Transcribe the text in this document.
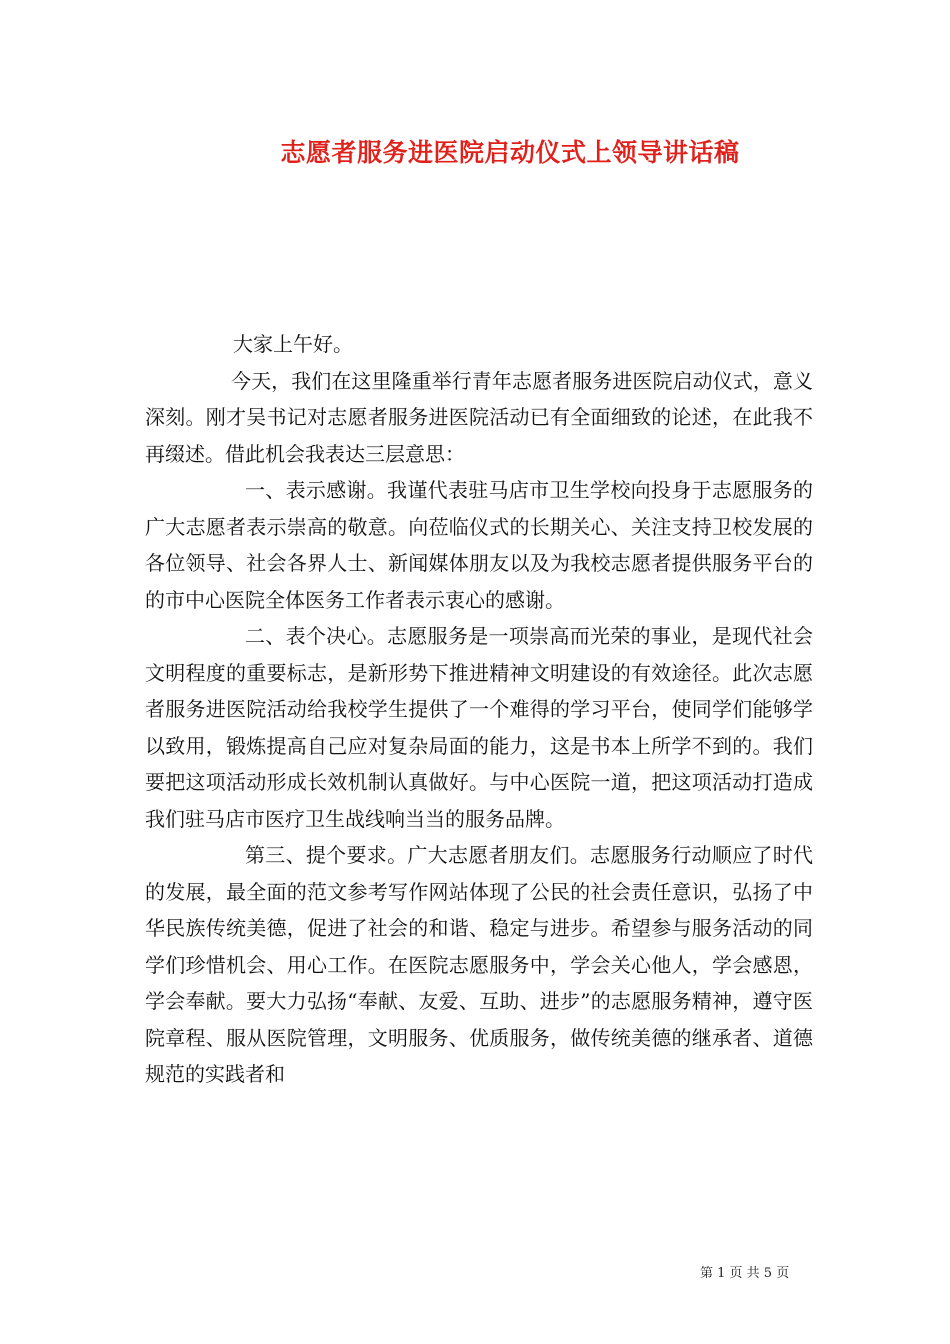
志愿者服务进医院启动仪式上领导讲话稿

大家上午好。

今天，我们在这里隆重举行青年志愿者服务进医院启动仪式，意义深刻。刚才吴书记对志愿者服务进医院活动已有全面细致的论述，在此我不再缀述。借此机会我表达三层意思：

一、表示感谢。我谨代表驻马店市卫生学校向投身于志愿服务的广大志愿者表示崇高的敬意。向莅临仪式的长期关心、关注支持卫校发展的各位领导、社会各界人士、新闻媒体朋友以及为我校志愿者提供服务平台的的市中心医院全体医务工作者表示衷心的感谢。

二、表个决心。志愿服务是一项崇高而光荣的事业，是现代社会文明程度的重要标志，是新形势下推进精神文明建设的有效途径。此次志愿者服务进医院活动给我校学生提供了一个难得的学习平台，使同学们能够学以致用，锻炼提高自己应对复杂局面的能力，这是书本上所学不到的。我们要把这项活动形成长效机制认真做好。与中心医院一道，把这项活动打造成我们驻马店市医疗卫生战线响当当的服务品牌。

第三、提个要求。广大志愿者朋友们。志愿服务行动顺应了时代的发展，最全面的范文参考写作网站体现了公民的社会责任意识，弘扬了中华民族传统美德，促进了社会的和谐、稳定与进步。希望参与服务活动的同学们珍惜机会、用心工作。在医院志愿服务中，学会关心他人，学会感恩，学会奉献。要大力弘扬“奉献、友爱、互助、进步”的志愿服务精神，遵守医院章程、服从医院管理，文明服务、优质服务，做传统美德的继承者、道德规范的实践者和

第 1 页 共 5 页
